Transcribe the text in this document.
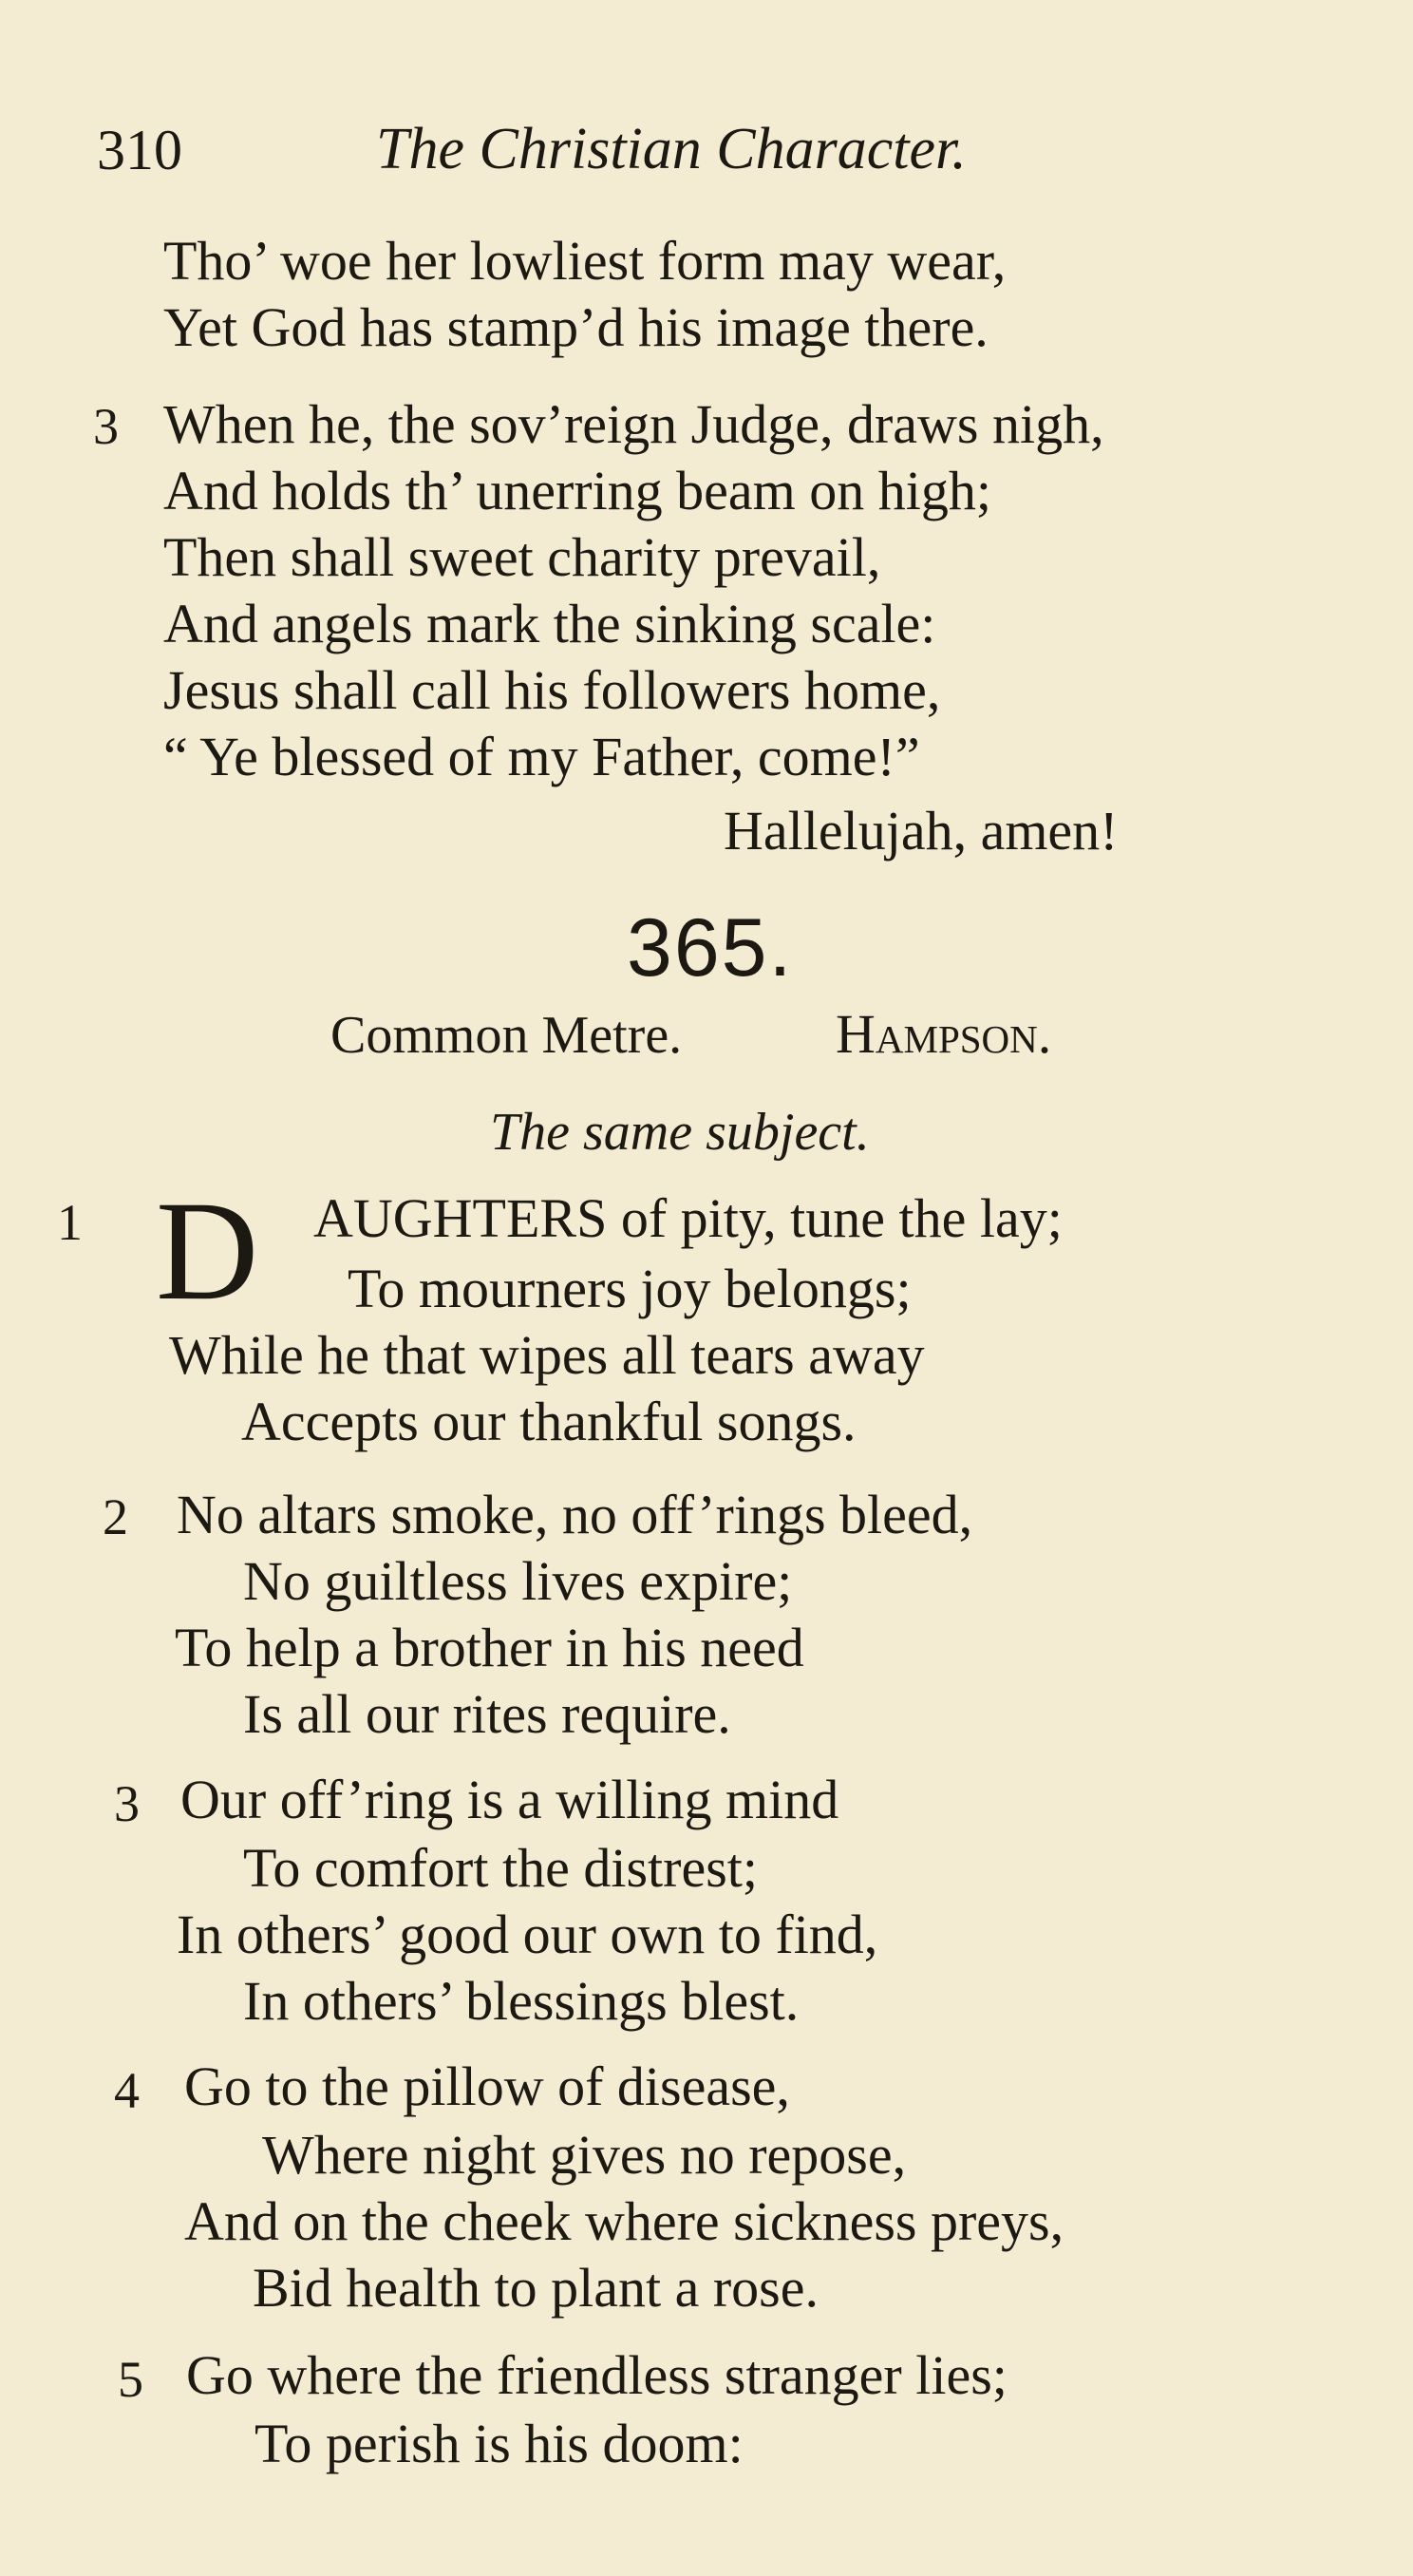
310	The Christian Character.
Tho’ woe her lowliest form may wear,
Yet God has stamp’d his image there.
3 When he, the sov’reign Judge, draws nigh,
And holds th’ unerring beam on high;
Then shall sweet charity prevail,
And angels mark the sinking scale:
Jesus shall call his followers home,
“ Ye blessed of my Father, come!”
Hallelujah, amen!
365.
Common Metre.	Hampson.
The same subject.
1 D AUGHTERS of pity, tune the lay;
To mourners joy belongs;
While he that wipes all tears away
Accepts our thankful songs.
2 No altars smoke, no off’rings bleed,
No guiltless lives expire;
To help a brother in his need
Is all our rites require.
3 Our off’ring is a willing mind
To comfort the distrest;
In others’ good our own to find,
In others’ blessings blest.
4 Go to the pillow of disease,
Where night gives no repose,
And on the cheek where sickness preys,
Bid health to plant a rose.
5 Go where the friendless stranger lies;
To perish is his doom:
